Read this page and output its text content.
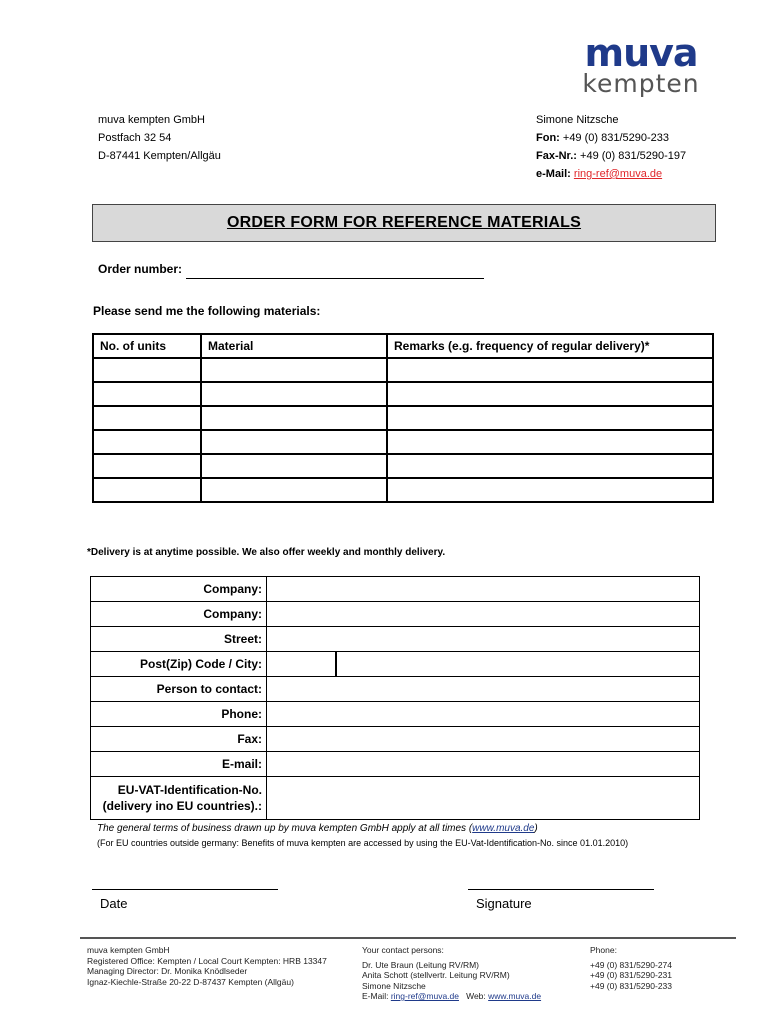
muva
kempten
muva kempten GmbH
Postfach 32 54
D-87441 Kempten/Allgäu
Simone Nitzsche
Fon: +49 (0) 831/5290-233
Fax-Nr.: +49 (0) 831/5290-197
e-Mail: ring-ref@muva.de
ORDER FORM FOR REFERENCE MATERIALS
Order number:
Please send me the following materials:
No. of units	Material	Remarks (e.g. frequency of regular delivery)*

*Delivery is at anytime possible. We also offer weekly and monthly delivery.
Company:		
Company:		
Street:		
Post(Zip) Code / City:		
Person to contact:		
Phone:		
Fax:		
E-mail:		
EU-VAT-Identification-No.
(delivery ino EU countries).:		
The general terms of business drawn up by muva kempten GmbH apply at all times (www.muva.de)
(For EU countries outside germany: Benefits of muva kempten are accessed by using the EU-Vat-Identification-No. since 01.01.2010)
Date	Signature
muva kempten GmbH
Registered Office: Kempten / Local Court Kempten: HRB 13347
Managing Director: Dr. Monika Knödlseder
Ignaz-Kiechle-Straße 20-22 D-87437 Kempten (Allgäu)
Your contact persons:
Dr. Ute Braun (Leitung RV/RM)
Anita Schott (stellvertr. Leitung RV/RM)
Simone Nitzsche
E-Mail: ring-ref@muva.de Web: www.muva.de
Phone:
+49 (0) 831/5290-274
+49 (0) 831/5290-231
+49 (0) 831/5290-233
